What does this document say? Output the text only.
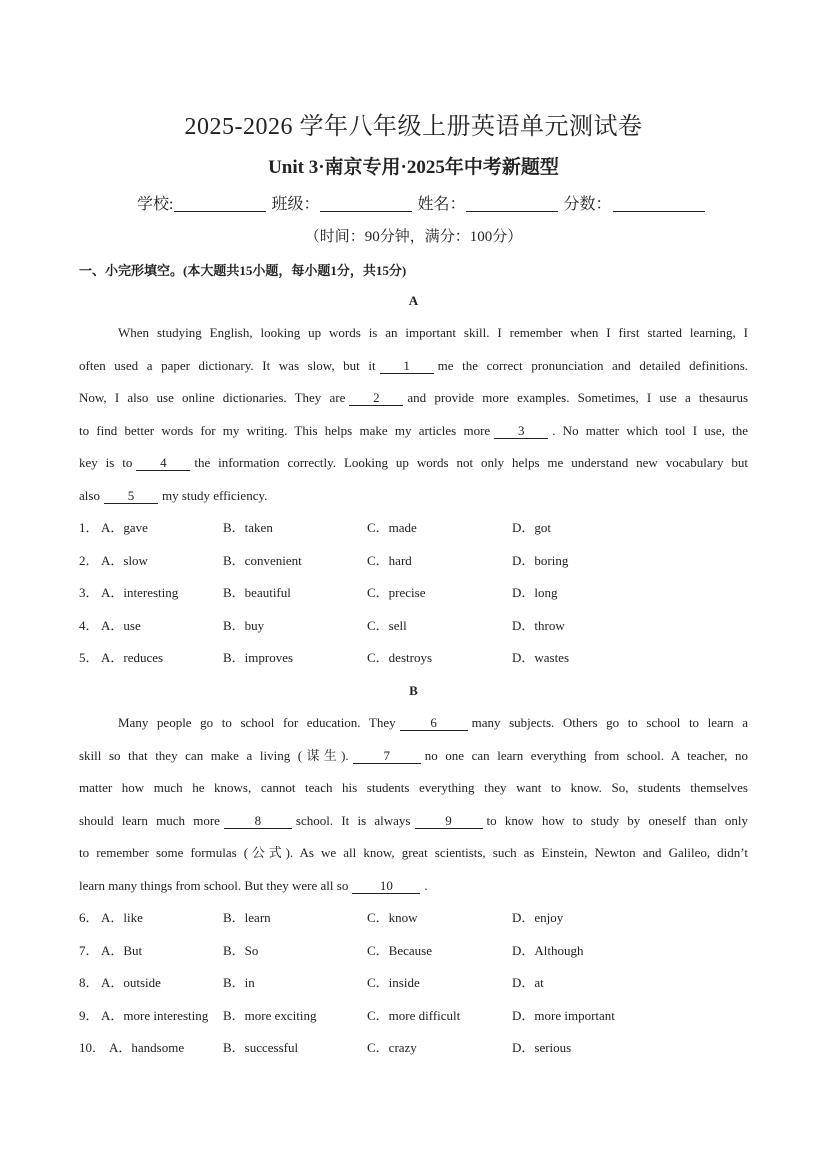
2025-2026 学年八年级上册英语单元测试卷
Unit 3·南京专用·2025年中考新题型
学校:	班级：	姓名：	分数：
（时间：90分钟，满分：100分）
一、小完形填空。(本大题共15小题，每小题1分，共15分)
A
When studying English, looking up words is an important skill. I remember when I first started learning, I
often used a paper dictionary. It was slow, but it 1 me the correct pronunciation and detailed definitions.
Now, I also use online dictionaries. They are 2 and provide more examples. Sometimes, I use a thesaurus
to find better words for my writing. This helps make my articles more 3 . No matter which tool I use, the
key is to 4 the information correctly. Looking up words not only helps me understand new vocabulary but
also 5 my study efficiency.
1． A．gave	B．taken	C．made	D．got
2． A．slow	B．convenient	C．hard	D．boring
3． A．interesting	B．beautiful	C．precise	D．long
4． A．use	B．buy	C．sell	D．throw
5． A．reduces	B．improves	C．destroys	D．wastes
B
Many people go to school for education. They	6	many subjects. Others go to school to learn a
skill so that they can make a living (谋生).	7	no one can learn everything from school. A teacher, no
matter how much he knows, cannot teach his students everything they want to know. So, students themselves
should learn much more	8	school. It is always	9	to know how to study by oneself than only
to remember some formulas (公式). As we all know, great scientists, such as Einstein, Newton and Galileo, didn’t
learn many things from school. But they were all so 10 .
6． A．like	B．learn	C．know	D．enjoy
7． A．But	B．So	C．Because	D．Although
8． A．outside	B．in	C．inside	D．at
9． A．more interesting B．more exciting	C．more difficult	D．more important
10． A．handsome	B．successful	C．crazy	D．serious
